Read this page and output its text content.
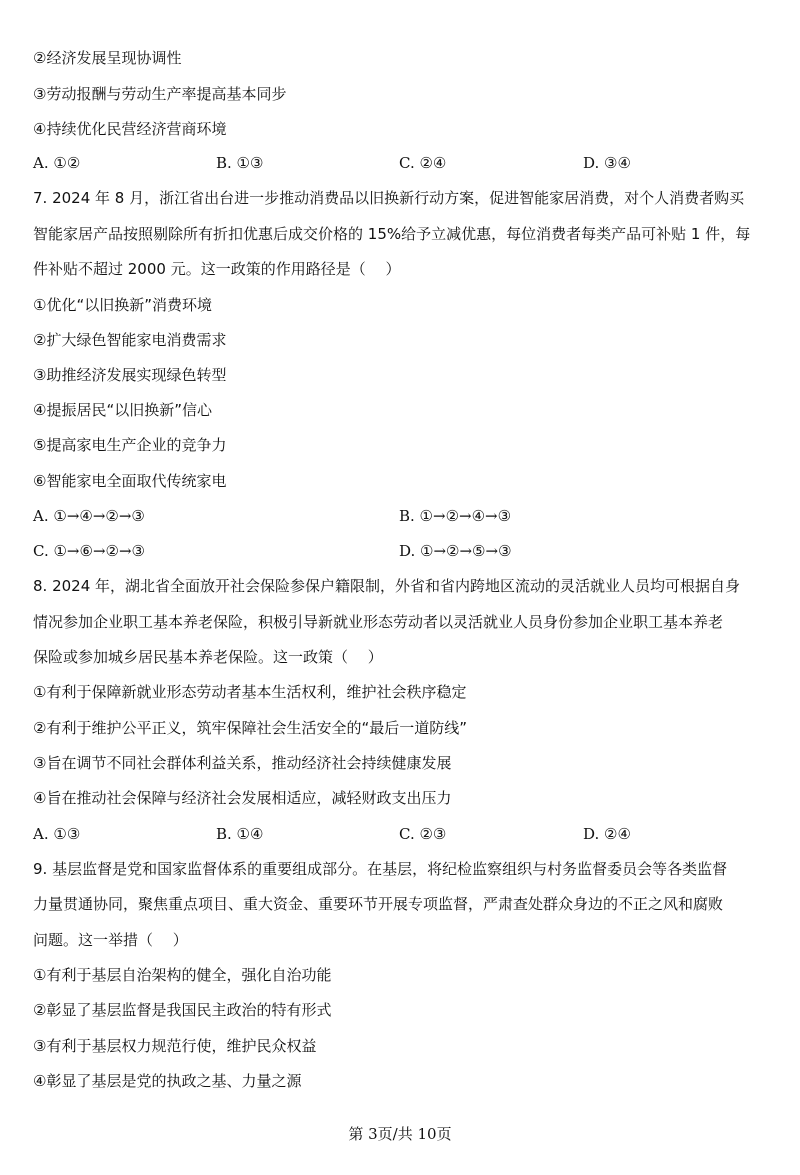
②经济发展呈现协调性
③劳动报酬与劳动生产率提高基本同步
④持续优化民营经济营商环境
A. ①②	B. ①③	C. ②④	D. ③④
7. 2024 年 8 月，浙江省出台进一步推动消费品以旧换新行动方案，促进智能家居消费，对个人消费者购买
智能家居产品按照剔除所有折扣优惠后成交价格的 15%给予立减优惠，每位消费者每类产品可补贴 1 件，每
件补贴不超过 2000 元。这一政策的作用路径是（　 ）
①优化“以旧换新”消费环境
②扩大绿色智能家电消费需求
③助推经济发展实现绿色转型
④提振居民“以旧换新”信心
⑤提高家电生产企业的竞争力
⑥智能家电全面取代传统家电
A. ①→④→②→③	B. ①→②→④→③
C. ①→⑥→②→③	D. ①→②→⑤→③
8. 2024 年，湖北省全面放开社会保险参保户籍限制，外省和省内跨地区流动的灵活就业人员均可根据自身
情况参加企业职工基本养老保险，积极引导新就业形态劳动者以灵活就业人员身份参加企业职工基本养老
保险或参加城乡居民基本养老保险。这一政策（　 ）
①有利于保障新就业形态劳动者基本生活权利，维护社会秩序稳定
②有利于维护公平正义，筑牢保障社会生活安全的“最后一道防线”
③旨在调节不同社会群体利益关系，推动经济社会持续健康发展
④旨在推动社会保障与经济社会发展相适应，减轻财政支出压力
A. ①③	B. ①④	C. ②③	D. ②④
9. 基层监督是党和国家监督体系的重要组成部分。在基层，将纪检监察组织与村务监督委员会等各类监督
力量贯通协同，聚焦重点项目、重大资金、重要环节开展专项监督，严肃查处群众身边的不正之风和腐败
问题。这一举措（　 ）
①有利于基层自治架构的健全，强化自治功能
②彰显了基层监督是我国民主政治的特有形式
③有利于基层权力规范行使，维护民众权益
④彰显了基层是党的执政之基、力量之源
第 3页/共 10页
